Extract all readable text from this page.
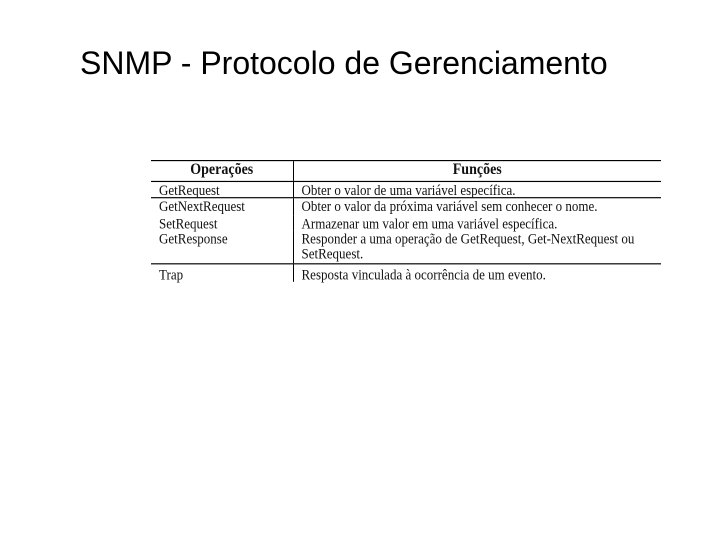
SNMP - Protocolo de Gerenciamento
Operações	Funções
GetRequest	Obter o valor de uma variável específica.
GetNextRequest	Obter o valor da próxima variável sem conhecer o nome.
SetRequest	Armazenar um valor em uma variável específica.
GetResponse	Responder a uma operação de GetRequest, Get-NextRequest ou SetRequest.
Trap	Resposta vinculada à ocorrência de um evento.
